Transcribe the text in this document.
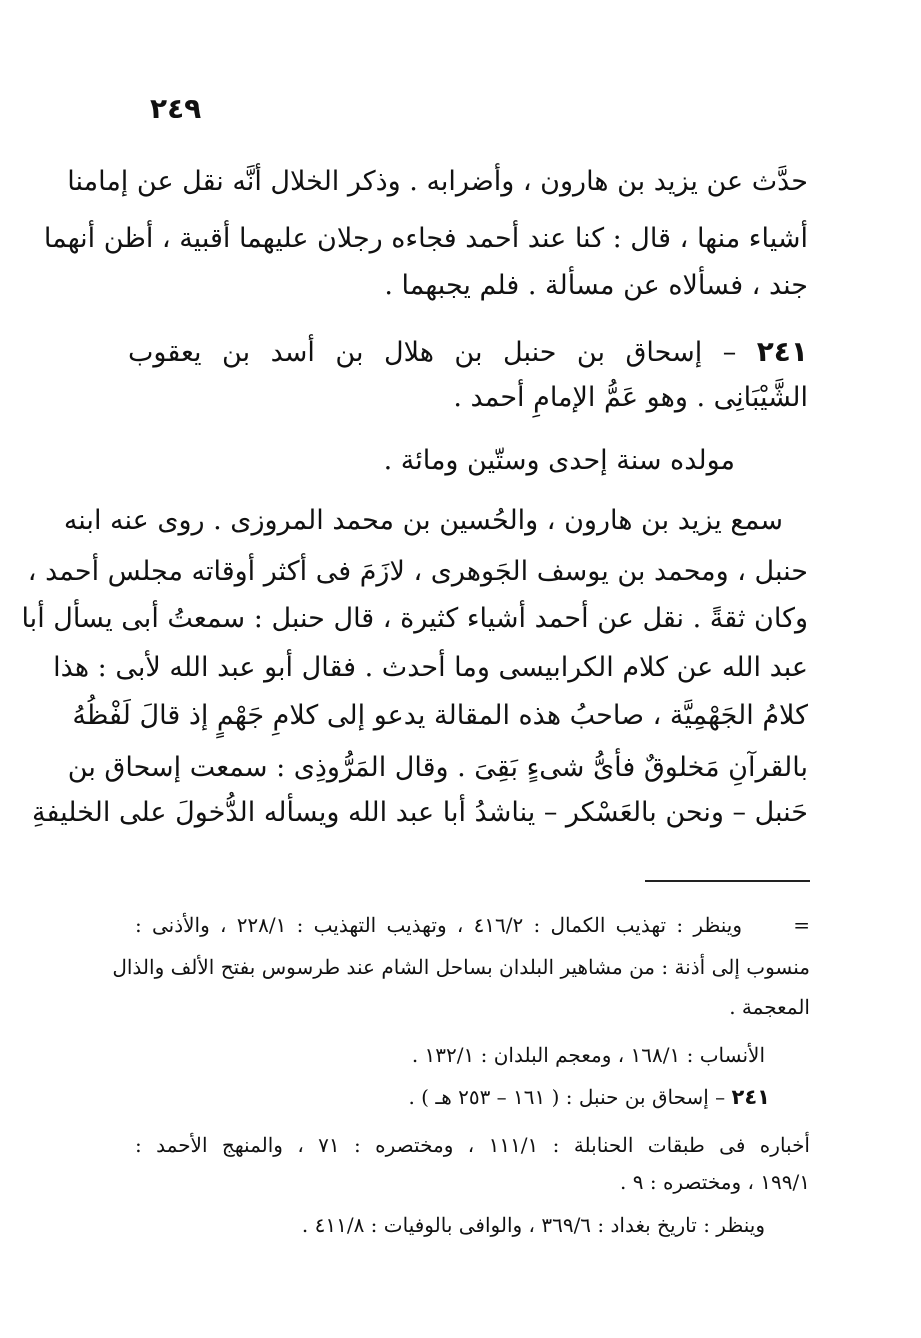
٢٤٩
حدَّث عن يزيد بن هارون ، وأضرابه . وذكر الخلال أنَّه نقل عن إمامنا
أشياء منها ، قال : كنا عند أحمد فجاءه رجلان عليهما أقبية ، أظن أنهما
جند ، فسألاه عن مسألة . فلم يجبهما .
٢٤١ – إسحاق بن حنبل بن هلال بن أسد بن يعقوب
الشَّيْبَانِى . وهو عَمُّ الإمامِ أحمد .
مولده سنة إحدى وستّين ومائة .
سمع يزيد بن هارون ، والحُسين بن محمد المروزى . روى عنه ابنه
حنبل ، ومحمد بن يوسف الجَوهرى ، لازَمَ فى أكثر أوقاته مجلس أحمد ،
وكان ثقةً . نقل عن أحمد أشياء كثيرة ، قال حنبل : سمعتُ أبى يسأل أبا
عبد الله عن كلام الكرابيسى وما أحدث . فقال أبو عبد الله لأبى : هذا
كلامُ الجَهْمِيَّة ، صاحبُ هذه المقالة يدعو إلى كلامِ جَهْمٍ إذ قالَ لَفْظُهُ
بالقرآنِ مَخلوقٌ فأىُّ شىءٍ بَقِىَ . وقال المَرُّوذِى : سمعت إسحاق بن
حَنبل – ونحن بالعَسْكر – يناشدُ أبا عبد الله ويسأله الدُّخولَ على الخليفةِ
=     وينظر : تهذيب الكمال : ٤١٦/٢ ، وتهذيب التهذيب : ٢٢٨/١ ، والأذنى :
منسوب إلى أذنة : من مشاهير البلدان بساحل الشام عند طرسوس بفتح الألف والذال
المعجمة .
الأنساب : ١٦٨/١ ، ومعجم البلدان : ١٣٢/١ .
٢٤١ – إسحاق بن حنبل : ( ١٦١ – ٢٥٣ هـ ) .
أخباره فى طبقات الحنابلة : ١١١/١ ، ومختصره : ٧١ ، والمنهج الأحمد :
١٩٩/١ ، ومختصره : ٩ .
وينظر : تاريخ بغداد : ٣٦٩/٦ ، والوافى بالوفيات : ٤١١/٨ .
